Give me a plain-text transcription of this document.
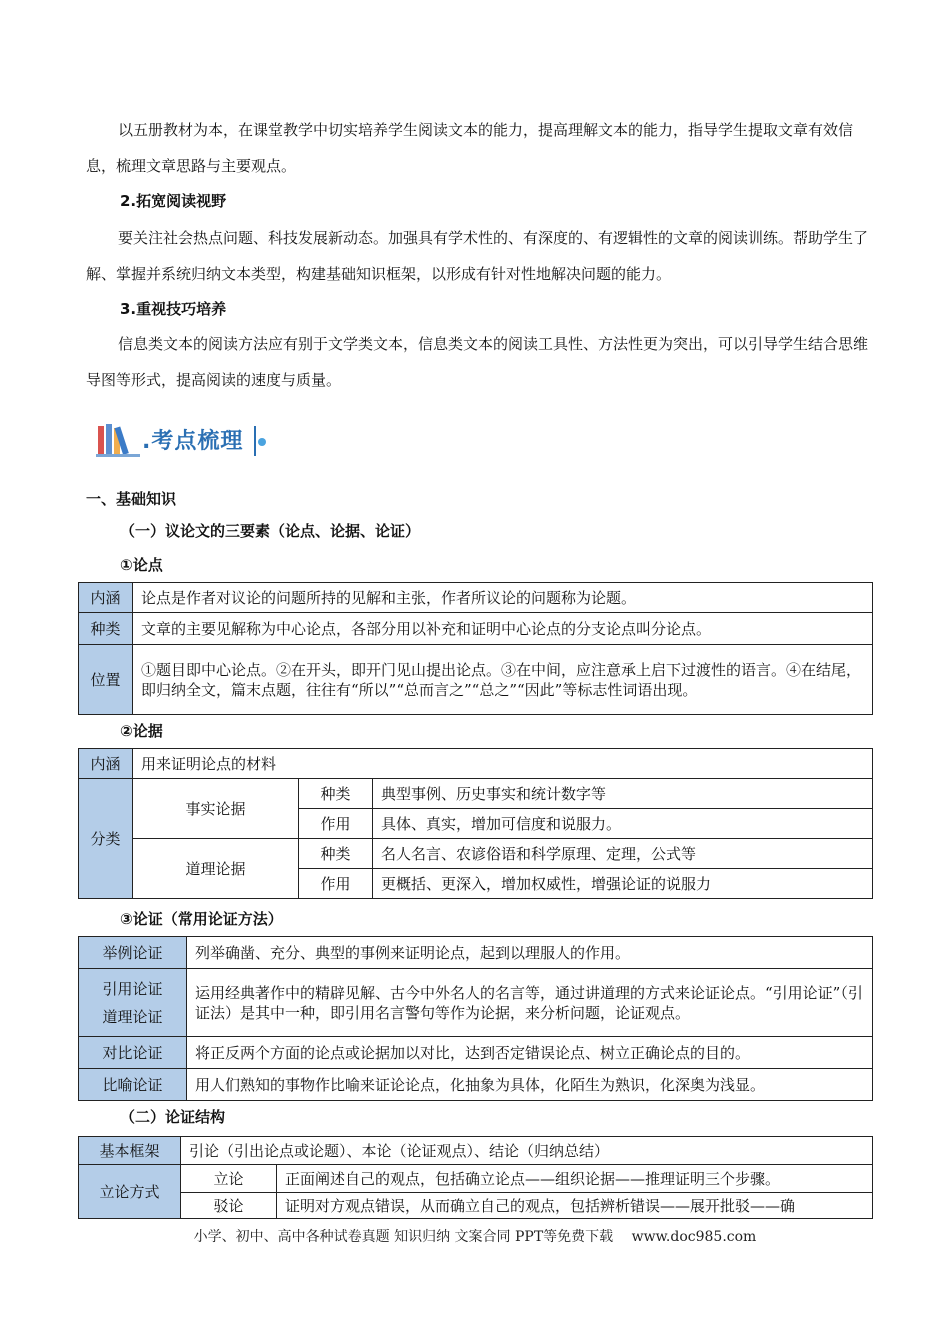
以五册教材为本，在课堂教学中切实培养学生阅读文本的能力，提高理解文本的能力，指导学生提取文章有效信息，梳理文章思路与主要观点。

2.拓宽阅读视野

要关注社会热点问题、科技发展新动态。加强具有学术性的、有深度的、有逻辑性的文章的阅读训练。帮助学生了解、掌握并系统归纳文本类型，构建基础知识框架，以形成有针对性地解决问题的能力。

3.重视技巧培养

信息类文本的阅读方法应有别于文学类文本，信息类文本的阅读工具性、方法性更为突出，可以引导学生结合思维导图等形式，提高阅读的速度与质量。

.考点梳理

一、基础知识

（一）议论文的三要素（论点、论据、论证）

①论点

内涵	论点是作者对议论的问题所持的见解和主张，作者所议论的问题称为论题。
种类	文章的主要见解称为中心论点，各部分用以补充和证明中心论点的分支论点叫分论点。
位置	①题目即中心论点。②在开头，即开门见山提出论点。③在中间，应注意承上启下过渡性的语言。④在结尾，即归纳全文，篇末点题，往往有“所以”“总而言之”“总之”“因此”等标志性词语出现。

②论据

内涵	用来证明论点的材料		
分类	事实论据	种类	典型事例、历史事实和统计数字等
		作用	具体、真实，增加可信度和说服力。
	道理论据	种类	名人名言、农谚俗语和科学原理、定理，公式等
		作用	更概括、更深入，增加权威性，增强论证的说服力

③论证（常用论证方法）

举例论证	列举确凿、充分、典型的事例来证明论点，起到以理服人的作用。
引用论证
道理论证	运用经典著作中的精辟见解、古今中外名人的名言等，通过讲道理的方式来论证论点。“引用论证”（引证法）是其中一种，即引用名言警句等作为论据，来分析问题，论证观点。
对比论证	将正反两个方面的论点或论据加以对比，达到否定错误论点、树立正确论点的目的。
比喻论证	用人们熟知的事物作比喻来证论论点，化抽象为具体，化陌生为熟识，化深奥为浅显。

（二）论证结构

基本框架	引论（引出论点或论题）、本论（论证观点）、结论（归纳总结）	
立论方式	立论	正面阐述自己的观点，包括确立论点——组织论据——推理证明三个步骤。
	驳论	证明对方观点错误，从而确立自己的观点，包括辨析错误——展开批驳——确
小学、初中、高中各种试卷真题 知识归纳 文案合同 PPT等免费下载　 www.doc985.com
